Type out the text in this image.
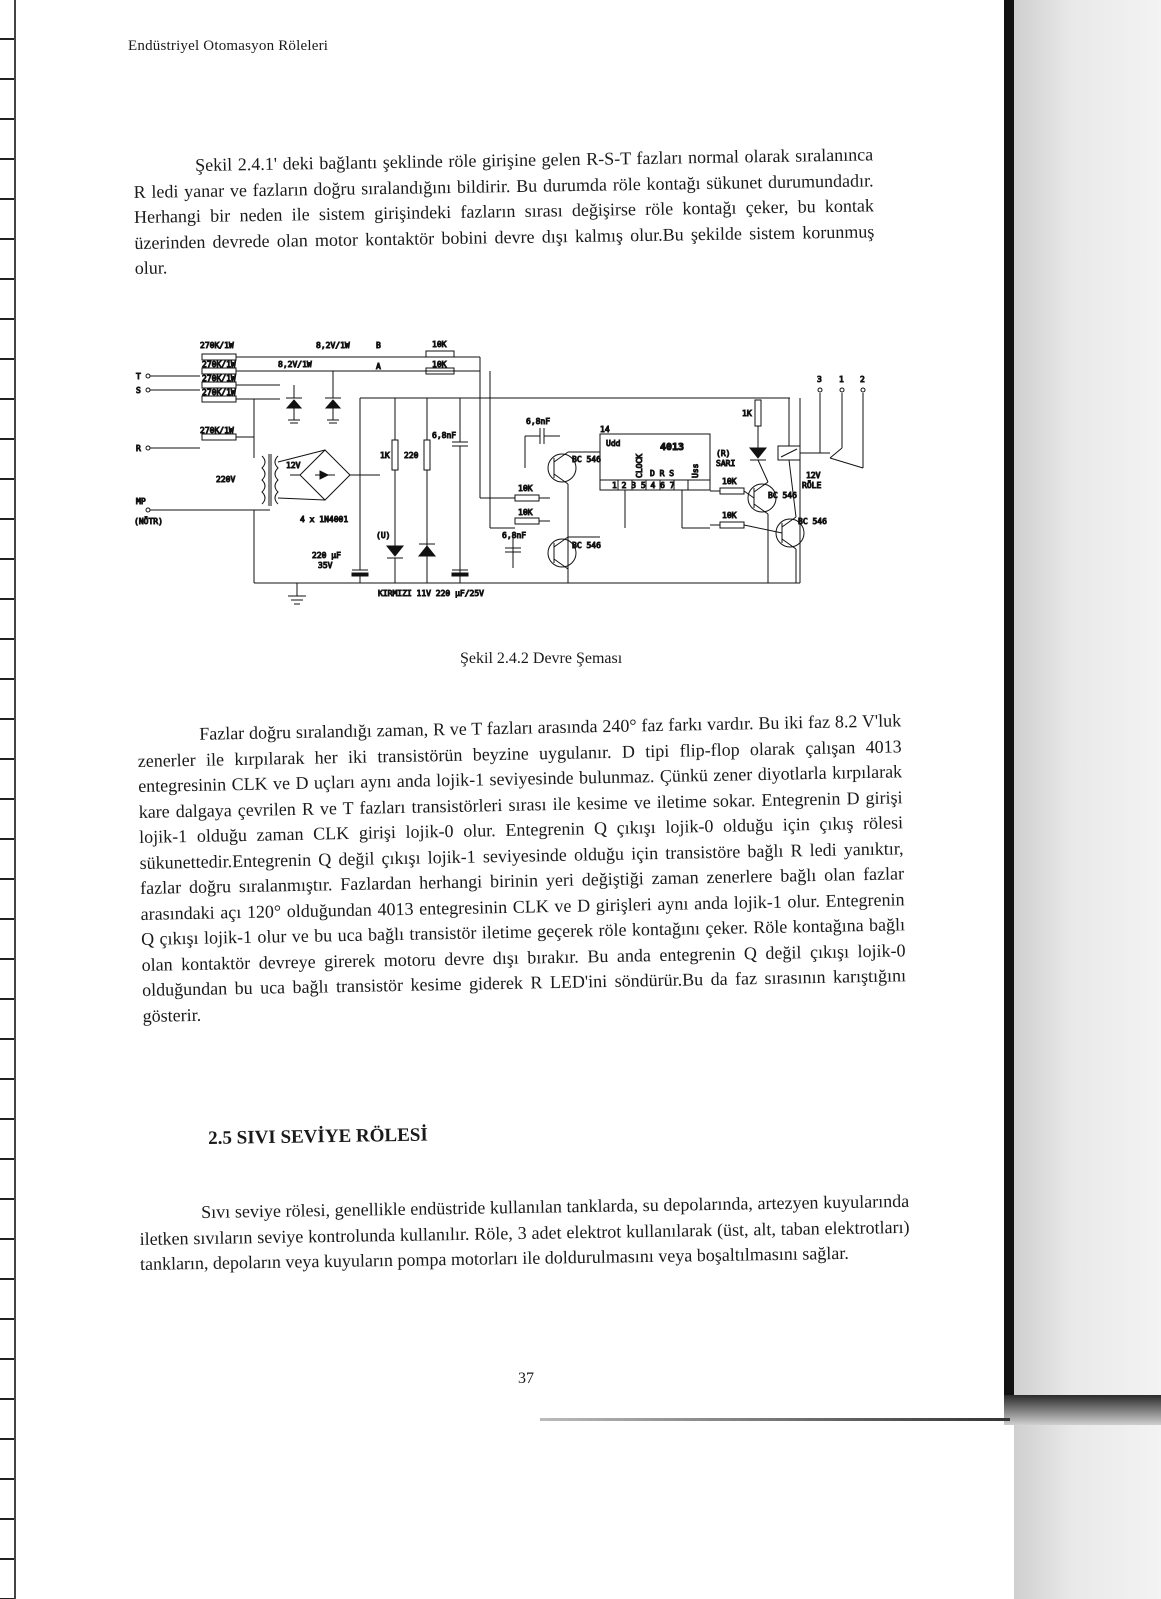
Endüstriyel Otomasyon Röleleri

Şekil 2.4.1' deki bağlantı şeklinde röle girişine gelen R-S-T fazları normal olarak sıralanınca R ledi yanar ve fazların doğru sıralandığını bildirir. Bu durumda röle kontağı sükunet durumundadır. Herhangi bir neden ile sistem girişindeki fazların sırası değişirse röle kontağı çeker, bu kontak üzerinden devrede olan motor kontaktör bobini devre dışı kalmış olur.Bu şekilde sistem korunmuş olur.

270K/1W
270K/1W
270K/1W
270K/1W
270K/1W
8,2V/1W
8,2V/1W
B
A
10K
10K
T
S
R
MP
(NÖTR)
220V
12V
4 x 1N4001
1K 220
6,8nF
6,8nF
6,8nF
220 µF
35V
(U)
KIRMIZI 11V 220 µF/25V
4013
Udd
14
1 2 3 5 4 6 7
D R S
CLOCK	Uss
BC 546
BC 546
BC 546
BC 546
10K
10K
10K
10K
1K
(R)
SARI
12V
RÖLE
3 1 2
Şekil 2.4.2 Devre Şeması

Fazlar doğru sıralandığı zaman, R ve T fazları arasında 240° faz farkı vardır. Bu iki faz 8.2 V'luk zenerler ile kırpılarak her iki transistörün beyzine uygulanır. D tipi flip-flop olarak çalışan 4013 entegresinin CLK ve D uçları aynı anda lojik-1 seviyesinde bulunmaz. Çünkü zener diyotlarla kırpılarak kare dalgaya çevrilen R ve T fazları transistörleri sırası ile kesime ve iletime sokar. Entegrenin D girişi lojik-1 olduğu zaman CLK girişi lojik-0 olur. Entegrenin Q çıkışı lojik-0 olduğu için çıkış rölesi sükunettedir.Entegrenin Q değil çıkışı lojik-1 seviyesinde olduğu için transistöre bağlı R ledi yanıktır, fazlar doğru sıralanmıştır. Fazlardan herhangi birinin yeri değiştiği zaman zenerlere bağlı olan fazlar arasındaki açı 120° olduğundan 4013 entegresinin CLK ve D girişleri aynı anda lojik-1 olur. Entegrenin Q çıkışı lojik-1 olur ve bu uca bağlı transistör iletime geçerek röle kontağını çeker. Röle kontağına bağlı olan kontaktör devreye girerek motoru devre dışı bırakır. Bu anda entegrenin Q değil çıkışı lojik-0 olduğundan bu uca bağlı transistör kesime giderek R LED'ini söndürür.Bu da faz sırasının karıştığını gösterir.

2.5 SIVI SEVİYE RÖLESİ

Sıvı seviye rölesi, genellikle endüstride kullanılan tanklarda, su depolarında, artezyen kuyularında iletken sıvıların seviye kontrolunda kullanılır. Röle, 3 adet elektrot kullanılarak (üst, alt, taban elektrotları) tankların, depoların veya kuyuların pompa motorları ile doldurulmasını veya boşaltılmasını sağlar.

37
